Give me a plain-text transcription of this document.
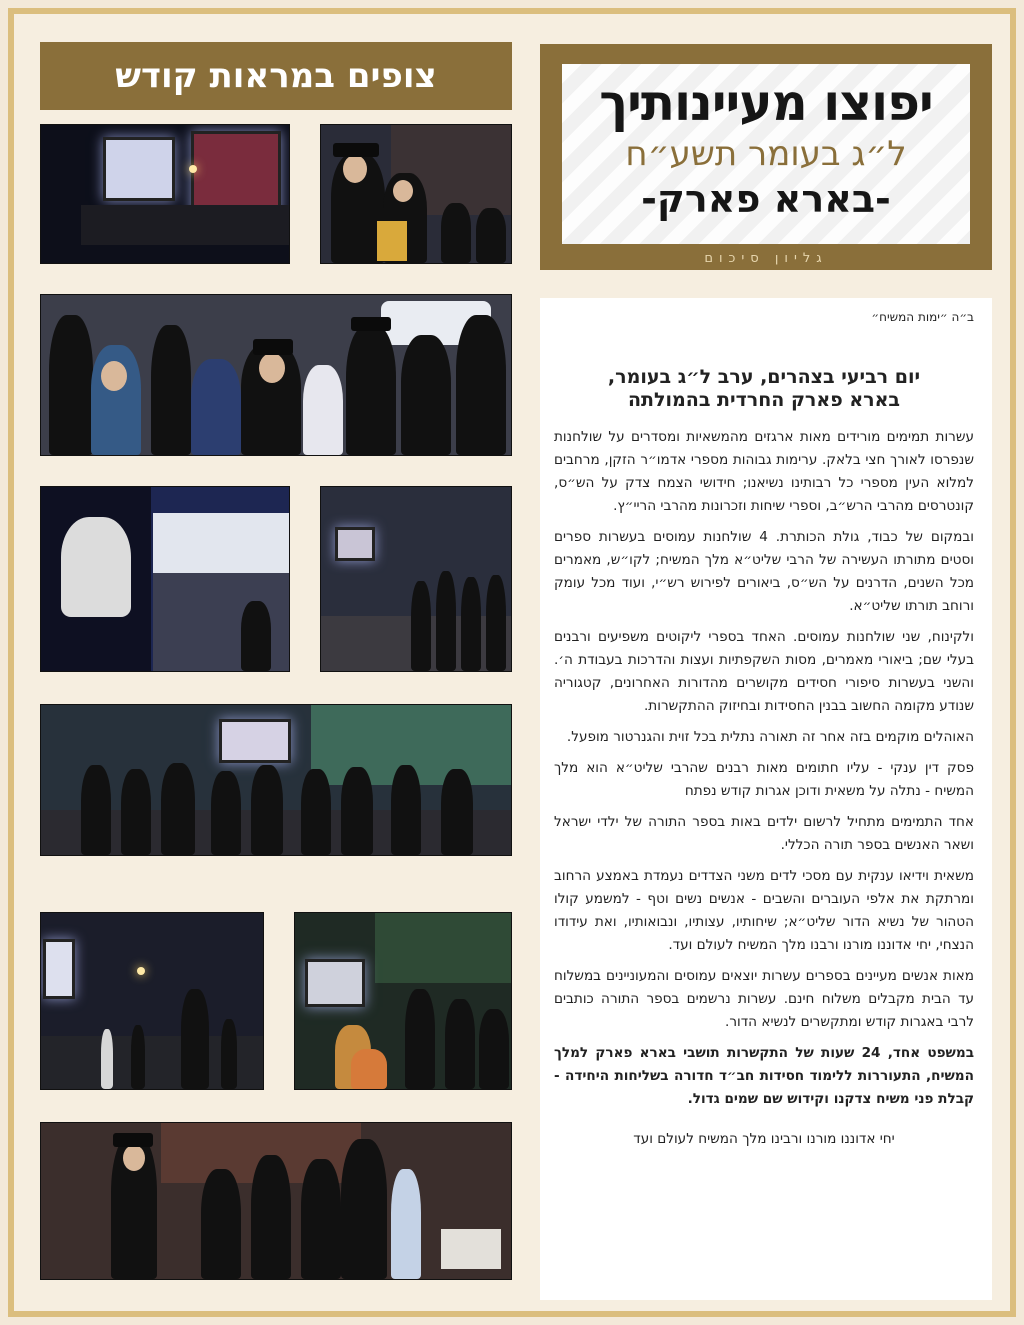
צופים במראות קודש	יפוצו מעיינותיך
ל״ג בעומר תשע״ח
-בארא פארק-
גליון סיכום
ב״ה ״ימות המשיח״
יום רביעי בצהרים, ערב ל״ג בעומר,
בארא פארק החרדית בהמולתה

עשרות תמימים מורידים מאות ארגזים מהמשאיות ומסדרים על שולחנות שנפרסו לאורך חצי בלאק. ערימות גבוהות מספרי אדמו״ר הזקן, מרחבים למלוא העין מספרי כל רבותינו נשיאנו; חידושי הצמח צדק על הש״ס, קונטרסים מהרבי הרש״ב, וספרי שיחות וזכרונות מהרבי הריי״ץ.

ובמקום של כבוד, גולת הכותרת. 4 שולחנות עמוסים בעשרות ספרים וסטים מתורתו העשירה של הרבי שליט״א מלך המשיח; לקו״ש, מאמרים מכל השנים, הדרנים על הש״ס, ביאורים לפירוש רש״י, ועוד מכל עומק ורוחב תורתו שליט״א.

ולקינוח, שני שולחנות עמוסים. האחד בספרי ליקוטים משפיעים ורבנים בעלי שם; ביאורי מאמרים, מסות השקפתיות ועצות והדרכות בעבודת ה׳. והשני בעשרות סיפורי חסידים מקושרים מהדורות האחרונים, קטגוריה שנודע מקומה החשוב בבנין החסידות ובחיזוק ההתקשרות.

האוהלים מוקמים בזה אחר זה תאורה נתלית בכל זוית והגנרטור מופעל.

פסק דין ענקי - עליו חתומים מאות רבנים שהרבי שליט״א הוא מלך המשיח - נתלה על משאית ודוכן אגרות קודש נפתח

אחד התמימים מתחיל לרשום ילדים באות בספר התורה של ילדי ישראל ושאר האנשים בספר תורה הכללי.

משאית וידיאו ענקית עם מסכי לדים משני הצדדים נעמדת באמצע הרחוב ומרתקת את אלפי העוברים והשבים - אנשים נשים וטף - למשמע קולו הטהור של נשיא הדור שליט״א; שיחותיו, עצותיו, ונבואותיו, ואת עידודו הנצחי, יחי אדוננו מורנו ורבנו מלך המשיח לעולם ועד.

מאות אנשים מעיינים בספרים עשרות יוצאים עמוסים והמעוניינים במשלוח עד הבית מקבלים משלוח חינם. עשרות נרשמים בספר התורה כותבים לרבי באגרות קודש ומתקשרים לנשיא הדור.

במשפט אחד, 24 שעות של התקשרות תושבי בארא פארק למלך המשיח, התעוררות ללימוד חסידות חב״ד חדורה בשליחות היחידה - קבלת פני משיח צדקנו וקידוש שם שמים גדול.

יחי אדוננו מורנו ורבינו מלך המשיח לעולם ועד
